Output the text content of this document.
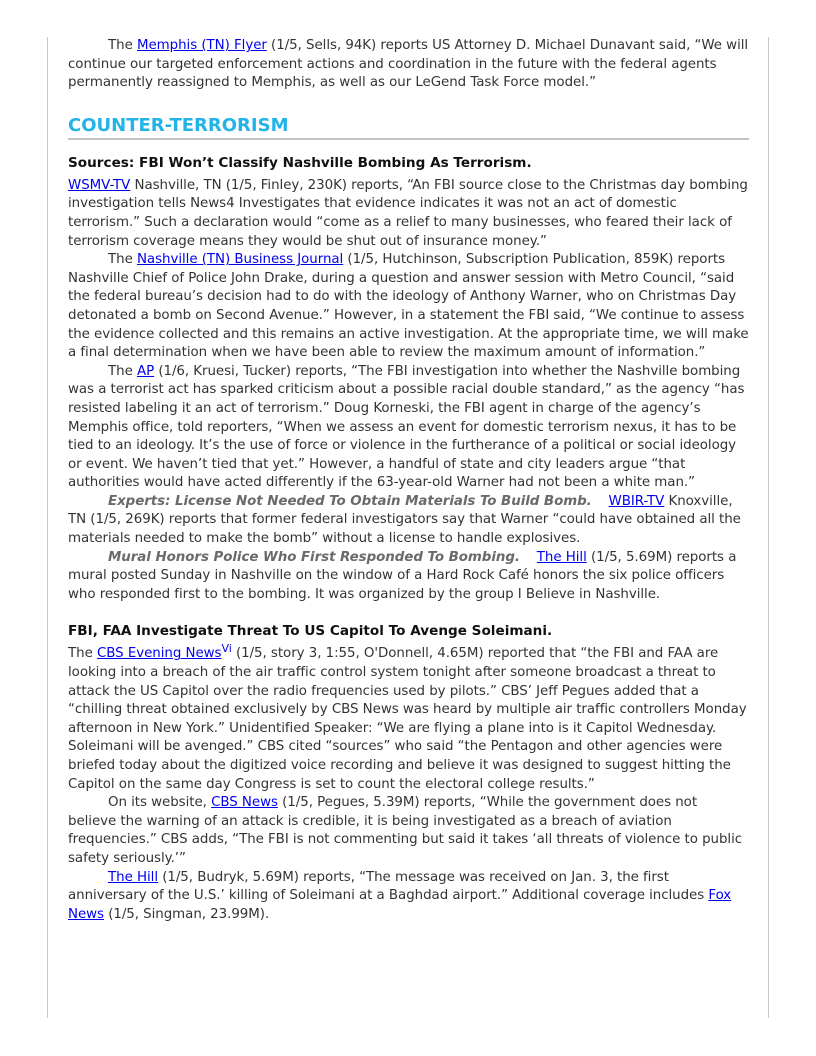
The Memphis (TN) Flyer (1/5, Sells, 94K) reports US Attorney D. Michael Dunavant said, “We will continue our targeted enforcement actions and coordination in the future with the federal agents permanently reassigned to Memphis, as well as our LeGend Task Force model.”

COUNTER-TERRORISM
Sources: FBI Won’t Classify Nashville Bombing As Terrorism.

WSMV-TV Nashville, TN (1/5, Finley, 230K) reports, “An FBI source close to the Christmas day bombing investigation tells News4 Investigates that evidence indicates it was not an act of domestic terrorism.” Such a declaration would “come as a relief to many businesses, who feared their lack of terrorism coverage means they would be shut out of insurance money.”

The Nashville (TN) Business Journal (1/5, Hutchinson, Subscription Publication, 859K) reports Nashville Chief of Police John Drake, during a question and answer session with Metro Council, “said the federal bureau’s decision had to do with the ideology of Anthony Warner, who on Christmas Day detonated a bomb on Second Avenue.” However, in a statement the FBI said, “We continue to assess the evidence collected and this remains an active investigation. At the appropriate time, we will make a final determination when we have been able to review the maximum amount of information.”

The AP (1/6, Kruesi, Tucker) reports, “The FBI investigation into whether the Nashville bombing was a terrorist act has sparked criticism about a possible racial double standard,” as the agency “has resisted labeling it an act of terrorism.” Doug Korneski, the FBI agent in charge of the agency’s Memphis office, told reporters, “When we assess an event for domestic terrorism nexus, it has to be tied to an ideology. It’s the use of force or violence in the furtherance of a political or social ideology or event. We haven’t tied that yet.” However, a handful of state and city leaders argue “that authorities would have acted differently if the 63-year-old Warner had not been a white man.”

Experts: License Not Needed To Obtain Materials To Build Bomb. WBIR-TV Knoxville, TN (1/5, 269K) reports that former federal investigators say that Warner “could have obtained all the materials needed to make the bomb” without a license to handle explosives.

Mural Honors Police Who First Responded To Bombing. The Hill (1/5, 5.69M) reports a mural posted Sunday in Nashville on the window of a Hard Rock Café honors the six police officers who responded first to the bombing. It was organized by the group I Believe in Nashville.

FBI, FAA Investigate Threat To US Capitol To Avenge Soleimani.

The CBS Evening News$^{Vi}$ (1/5, story 3, 1:55, O'Donnell, 4.65M) reported that “the FBI and FAA are looking into a breach of the air traffic control system tonight after someone broadcast a threat to attack the US Capitol over the radio frequencies used by pilots.” CBS’ Jeff Pegues added that a “chilling threat obtained exclusively by CBS News was heard by multiple air traffic controllers Monday afternoon in New York.” Unidentified Speaker: “We are flying a plane into is it Capitol Wednesday. Soleimani will be avenged.” CBS cited “sources” who said “the Pentagon and other agencies were briefed today about the digitized voice recording and believe it was designed to suggest hitting the Capitol on the same day Congress is set to count the electoral college results.”

On its website, CBS News (1/5, Pegues, 5.39M) reports, “While the government does not believe the warning of an attack is credible, it is being investigated as a breach of aviation frequencies.” CBS adds, “The FBI is not commenting but said it takes ‘all threats of violence to public safety seriously.’”

The Hill (1/5, Budryk, 5.69M) reports, “The message was received on Jan. 3, the first anniversary of the U.S.’ killing of Soleimani at a Baghdad airport.” Additional coverage includes Fox News (1/5, Singman, 23.99M).
